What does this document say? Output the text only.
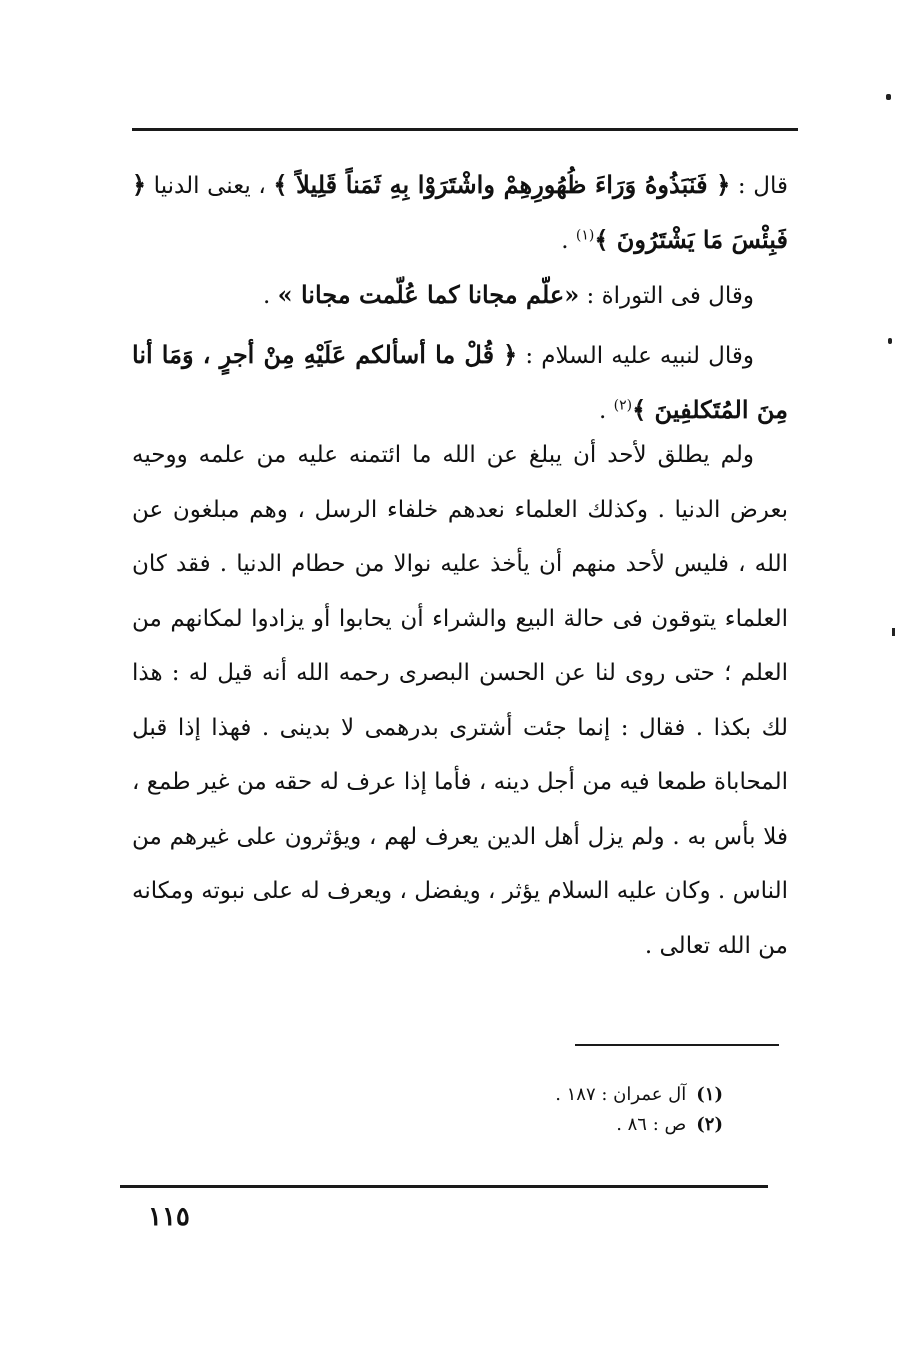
قال : ﴿ فَنَبَذُوهُ وَرَاءَ ظُهُورِهِمْ واشْتَرَوْا بِهِ ثَمَناً قَلِيلاً ﴾ ، يعنى الدنيا ﴿ فَبِئْسَ مَا يَشْتَرُونَ ﴾$^{(١)}$ .
وقال فى التوراة : «علّم مجانا كما عُلّمت مجانا » .
وقال لنبيه عليه السلام : ﴿ قُلْ ما أسألكم عَلَيْهِ مِنْ أجرٍ ، وَمَا أنا مِنَ المُتَكلفِينَ ﴾$^{(٢)}$ .
ولم يطلق لأحد أن يبلغ عن الله ما ائتمنه عليه من علمه ووحيه بعرض الدنيا . وكذلك العلماء نعدهم خلفاء الرسل ، وهم مبلغون عن الله ، فليس لأحد منهم أن يأخذ عليه نوالا من حطام الدنيا . فقد كان العلماء يتوقون فى حالة البيع والشراء أن يحابوا أو يزادوا لمكانهم من العلم ؛ حتى روى لنا عن الحسن البصرى رحمه الله أنه قيل له : هذا لك بكذا . فقال : إنما جئت أشترى بدرهمى لا بدينى . فهذا إذا قبل المحاباة طمعا فيه من أجل دينه ، فأما إذا عرف له حقه من غير طمع ، فلا بأس به . ولم يزل أهل الدين يعرف لهم ، ويؤثرون على غيرهم من الناس . وكان عليه السلام يؤثر ، ويفضل ، ويعرف له على نبوته ومكانه من الله تعالى .
(١)آل عمران : ١٨٧ .
(٢)ص : ٨٦ .
١١٥
